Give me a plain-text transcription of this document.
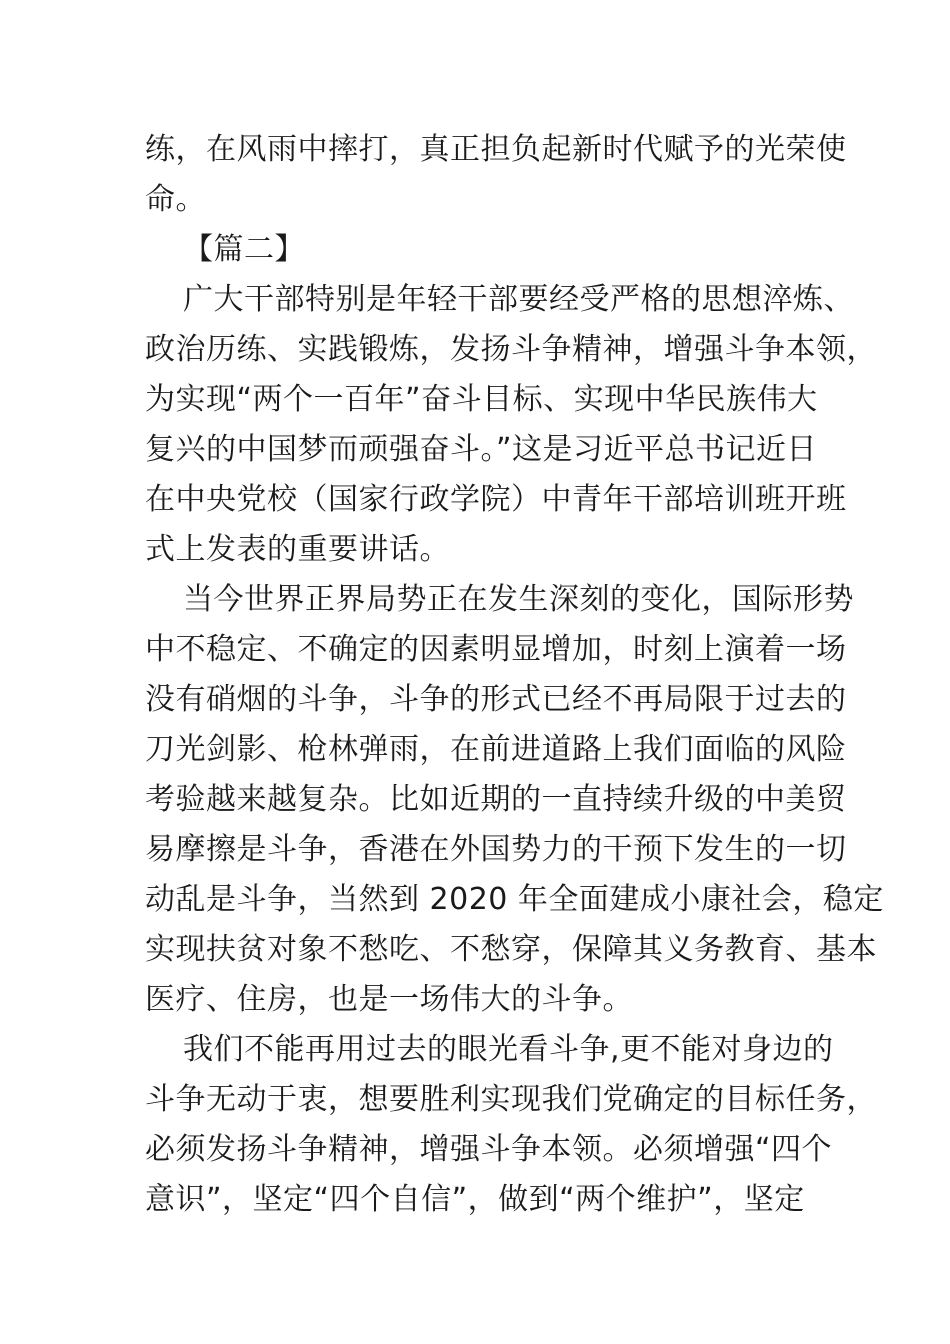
练，在风雨中摔打，真正担负起新时代赋予的光荣使
命。
【篇二】
广大干部特别是年轻干部要经受严格的思想淬炼、
政治历练、实践锻炼，发扬斗争精神，增强斗争本领，
为实现“两个一百年”奋斗目标、实现中华民族伟大
复兴的中国梦而顽强奋斗。”这是习近平总书记近日
在中央党校（国家行政学院）中青年干部培训班开班
式上发表的重要讲话。
当今世界正界局势正在发生深刻的变化，国际形势
中不稳定、不确定的因素明显增加，时刻上演着一场
没有硝烟的斗争，斗争的形式已经不再局限于过去的
刀光剑影、枪林弹雨，在前进道路上我们面临的风险
考验越来越复杂。比如近期的一直持续升级的中美贸
易摩擦是斗争，香港在外国势力的干预下发生的一切
动乱是斗争，当然到 2020 年全面建成小康社会，稳定
实现扶贫对象不愁吃、不愁穿，保障其义务教育、基本
医疗、住房，也是一场伟大的斗争。
我们不能再用过去的眼光看斗争,更不能对身边的
斗争无动于衷，想要胜利实现我们党确定的目标任务，
必须发扬斗争精神，增强斗争本领。必须增强“四个
意识”，坚定“四个自信”，做到“两个维护”，坚定
